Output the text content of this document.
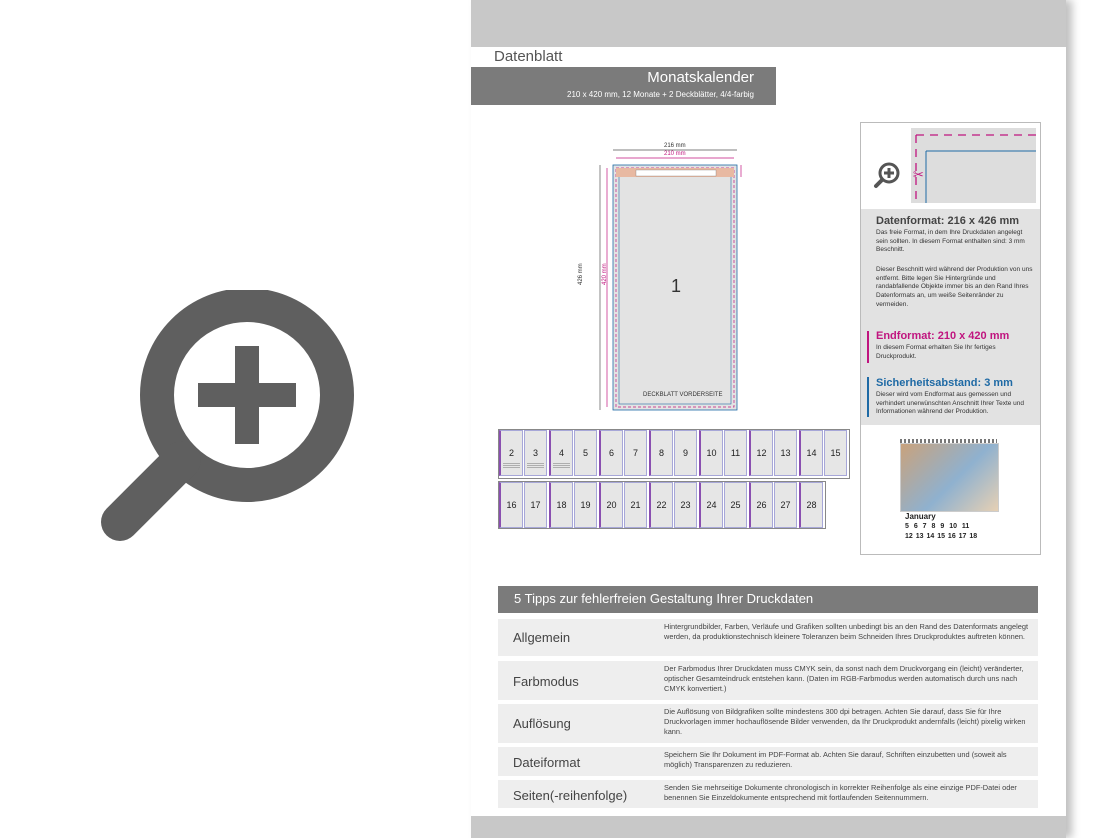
Datenblatt
Monatskalender
210 x 420 mm, 12 Monate + 2 Deckblätter, 4/4-farbig
216 mm
210 mm
426 mm	420 mm
1
DECKBLATT VORDERSEITE
2	3	4	5	6	7	8	9	10	11	12	13	14	15
16	17	18	19	20	21	22	23	24	25	26	27	28
✂
Datenformat: 216 x 426 mm
Das freie Format, in dem Ihre Druckdaten angelegt sein sollten. In diesem Format enthalten sind: 3 mm Beschnitt.
Dieser Beschnitt wird während der Produktion von uns entfernt. Bitte legen Sie Hintergründe und randabfallende Objekte immer bis an den Rand Ihres Datenformats an, um weiße Seitenränder zu vermeiden.
Endformat: 210 x 420 mm
In diesem Format erhalten Sie Ihr fertiges Druckprodukt.
Sicherheitsabstand: 3 mm
Dieser wird vom Endformat aus gemessen und verhindert unerwünschten Anschnitt Ihrer Texte und Informationen während der Produktion.
January
5 6 7 8 9 10 11
12 13 14 15 16 17 18
5 Tipps zur fehlerfreien Gestaltung Ihrer Druckdaten
Allgemein
Hintergrundbilder, Farben, Verläufe und Grafiken sollten unbedingt bis an den Rand des Datenformats angelegt werden, da produktionstechnisch kleinere Toleranzen beim Schneiden Ihres Druckproduktes auftreten können.
Farbmodus
Der Farbmodus Ihrer Druckdaten muss CMYK sein, da sonst nach dem Druckvorgang ein (leicht) veränderter, optischer Gesamteindruck entstehen kann. (Daten im RGB-Farbmodus werden automatisch durch uns nach CMYK konvertiert.)
Auflösung
Die Auflösung von Bildgrafiken sollte mindestens 300 dpi betragen. Achten Sie darauf, dass Sie für Ihre Druckvorlagen immer hochauflösende Bilder verwenden, da Ihr Druckprodukt andernfalls (leicht) pixelig wirken kann.
Dateiformat
Speichern Sie Ihr Dokument im PDF-Format ab. Achten Sie darauf, Schriften einzubetten und (soweit als möglich) Transparenzen zu reduzieren.
Seiten(-reihenfolge)
Senden Sie mehrseitige Dokumente chronologisch in korrekter Reihenfolge als eine einzige PDF-Datei oder benennen Sie Einzeldokumente entsprechend mit fortlaufenden Seitennummern.
